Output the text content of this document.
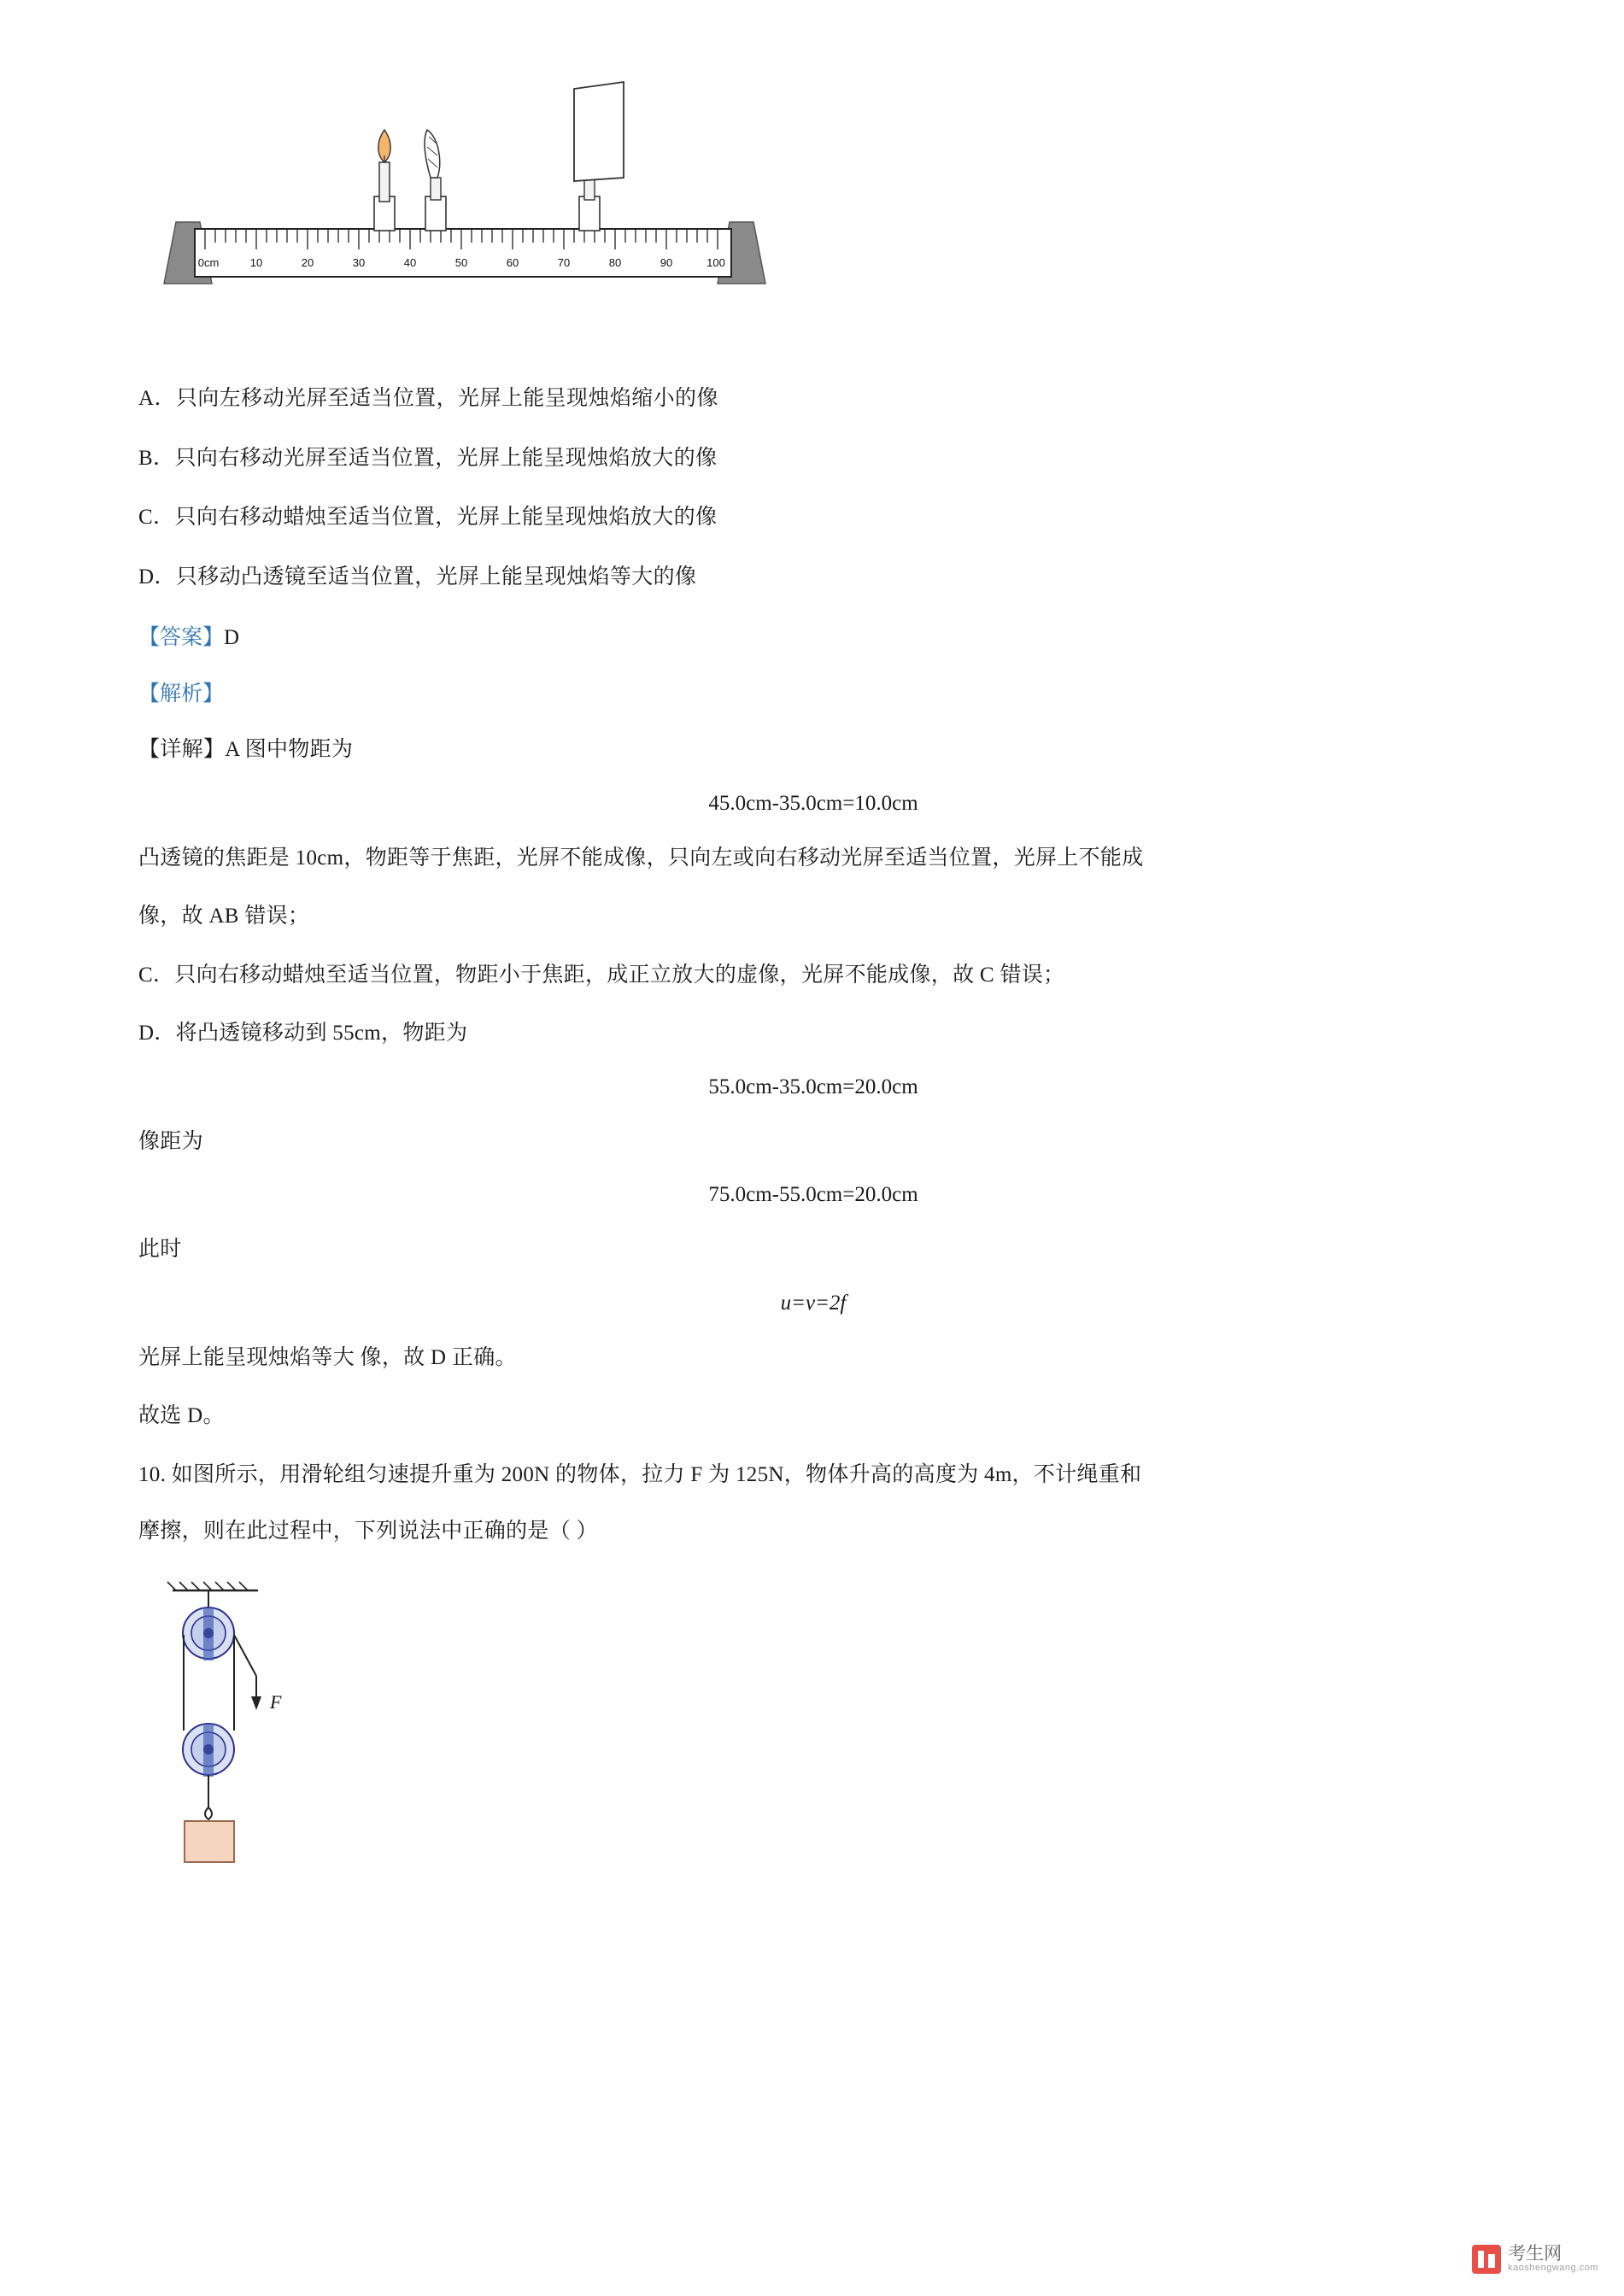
0cm	10	20	30	40	50	60	70	80	90	100

A．只向左移动光屏至适当位置，光屏上能呈现烛焰缩小的像

B．只向右移动光屏至适当位置，光屏上能呈现烛焰放大的像

C．只向右移动蜡烛至适当位置，光屏上能呈现烛焰放大的像

D．只移动凸透镜至适当位置，光屏上能呈现烛焰等大的像

【答案】D

【解析】

【详解】A 图中物距为

45.0cm-35.0cm=10.0cm

凸透镜的焦距是 10cm，物距等于焦距，光屏不能成像，只向左或向右移动光屏至适当位置，光屏上不能成

像，故 AB 错误；

C．只向右移动蜡烛至适当位置，物距小于焦距，成正立放大的虚像，光屏不能成像，故 C 错误；

D．将凸透镜移动到 55cm，物距为

55.0cm-35.0cm=20.0cm

像距为

75.0cm-55.0cm=20.0cm

此时

u=v=2f

光屏上能呈现烛焰等大 像，故 D 正确。

故选 D。

10. 如图所示，用滑轮组匀速提升重为 200N 的物体，拉力 F 为 125N，物体升高的高度为 4m，不计绳重和

摩擦，则在此过程中，下列说法中正确的是（ ）

F
考生网
kaoshengwang.com
